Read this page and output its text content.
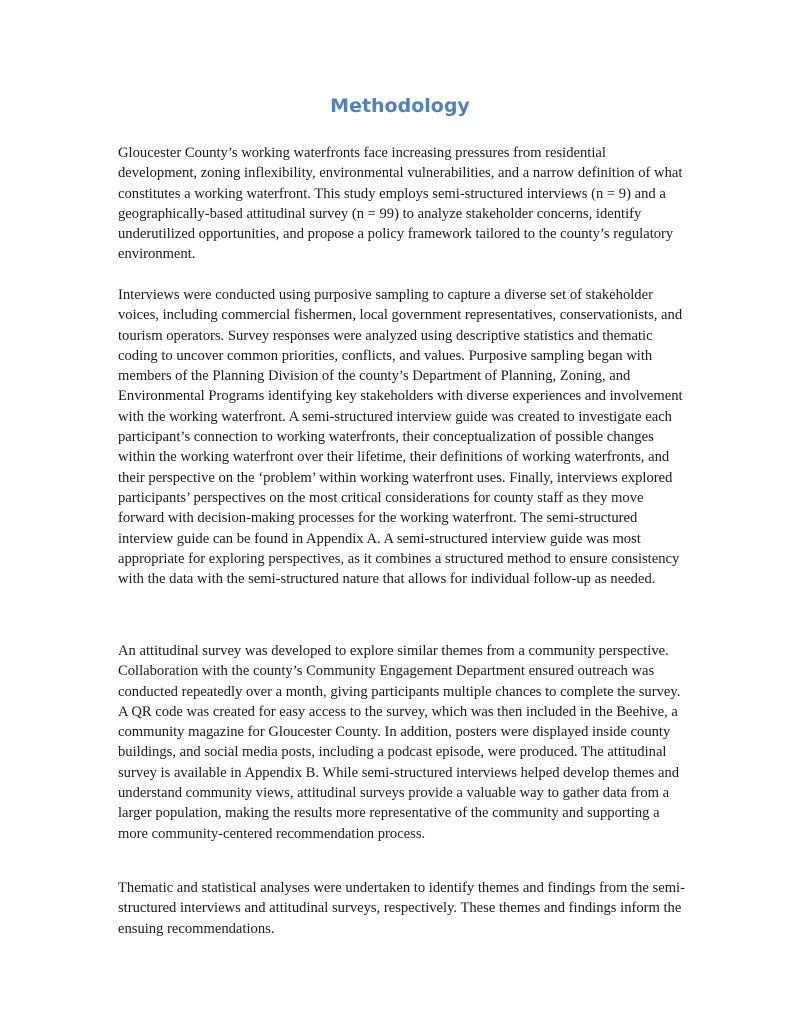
Methodology

Gloucester County’s working waterfronts face increasing pressures from residential development, zoning inflexibility, environmental vulnerabilities, and a narrow definition of what constitutes a working waterfront. This study employs semi-structured interviews (n = 9) and a geographically-based attitudinal survey (n = 99) to analyze stakeholder concerns, identify underutilized opportunities, and propose a policy framework tailored to the county’s regulatory environment.

Interviews were conducted using purposive sampling to capture a diverse set of stakeholder voices, including commercial fishermen, local government representatives, conservationists, and tourism operators. Survey responses were analyzed using descriptive statistics and thematic coding to uncover common priorities, conflicts, and values. Purposive sampling began with members of the Planning Division of the county’s Department of Planning, Zoning, and Environmental Programs identifying key stakeholders with diverse experiences and involvement with the working waterfront. A semi-structured interview guide was created to investigate each participant’s connection to working waterfronts, their conceptualization of possible changes within the working waterfront over their lifetime, their definitions of working waterfronts, and their perspective on the ‘problem’ within working waterfront uses. Finally, interviews explored participants’ perspectives on the most critical considerations for county staff as they move forward with decision-making processes for the working waterfront. The semi-structured interview guide can be found in Appendix A. A semi-structured interview guide was most appropriate for exploring perspectives, as it combines a structured method to ensure consistency with the data with the semi-structured nature that allows for individual follow-up as needed.

An attitudinal survey was developed to explore similar themes from a community perspective. Collaboration with the county’s Community Engagement Department ensured outreach was conducted repeatedly over a month, giving participants multiple chances to complete the survey. A QR code was created for easy access to the survey, which was then included in the Beehive, a community magazine for Gloucester County. In addition, posters were displayed inside county buildings, and social media posts, including a podcast episode, were produced. The attitudinal survey is available in Appendix B. While semi-structured interviews helped develop themes and understand community views, attitudinal surveys provide a valuable way to gather data from a larger population, making the results more representative of the community and supporting a more community-centered recommendation process.

Thematic and statistical analyses were undertaken to identify themes and findings from the semi-structured interviews and attitudinal surveys, respectively. These themes and findings inform the ensuing recommendations.
